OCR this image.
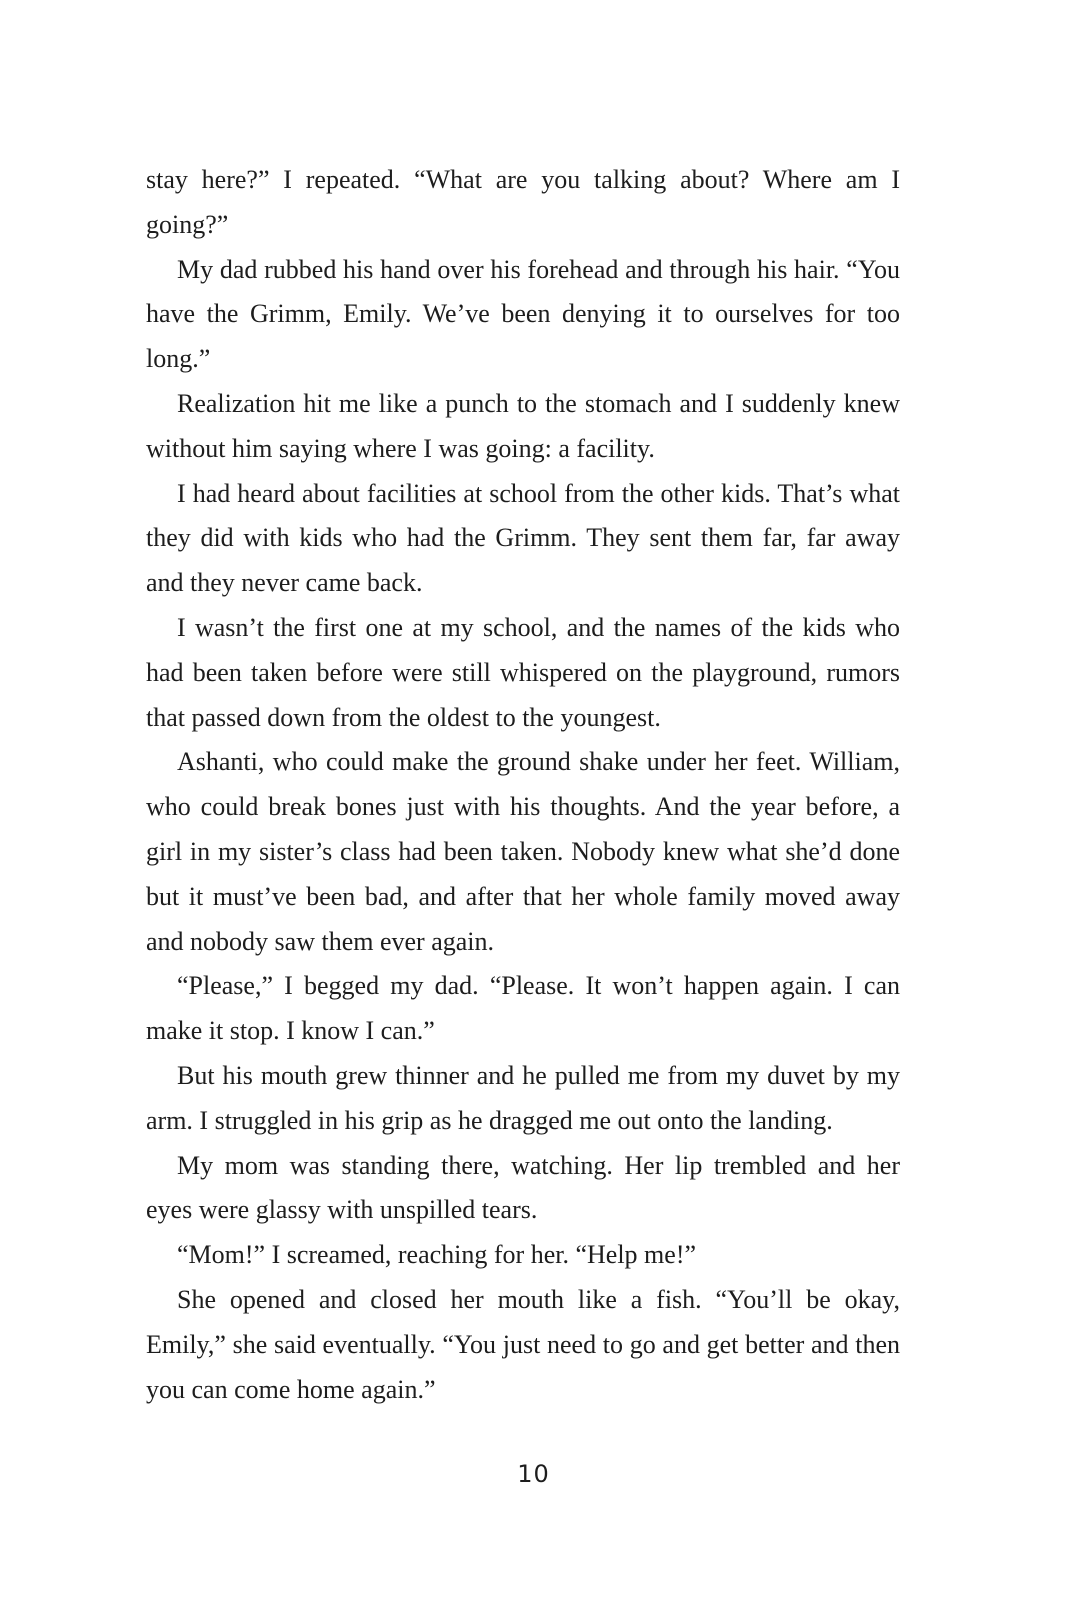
stay here?” I repeated. “What are you talking about? Where am I going?”

My dad rubbed his hand over his forehead and through his hair. “You have the Grimm, Emily. We’ve been denying it to ourselves for too long.”

Realization hit me like a punch to the stomach and I suddenly knew without him saying where I was going: a facility.

I had heard about facilities at school from the other kids. That’s what they did with kids who had the Grimm. They sent them far, far away and they never came back.

I wasn’t the first one at my school, and the names of the kids who had been taken before were still whispered on the playground, rumors that passed down from the oldest to the youngest.

Ashanti, who could make the ground shake under her feet. William, who could break bones just with his thoughts. And the year before, a girl in my sister’s class had been taken. Nobody knew what she’d done but it must’ve been bad, and after that her whole family moved away and nobody saw them ever again.

“Please,” I begged my dad. “Please. It won’t happen again. I can make it stop. I know I can.”

But his mouth grew thinner and he pulled me from my duvet by my arm. I struggled in his grip as he dragged me out onto the landing.

My mom was standing there, watching. Her lip trembled and her eyes were glassy with unspilled tears.

“Mom!” I screamed, reaching for her. “Help me!”

She opened and closed her mouth like a fish. “You’ll be okay, Emily,” she said eventually. “You just need to go and get better and then you can come home again.”

10
